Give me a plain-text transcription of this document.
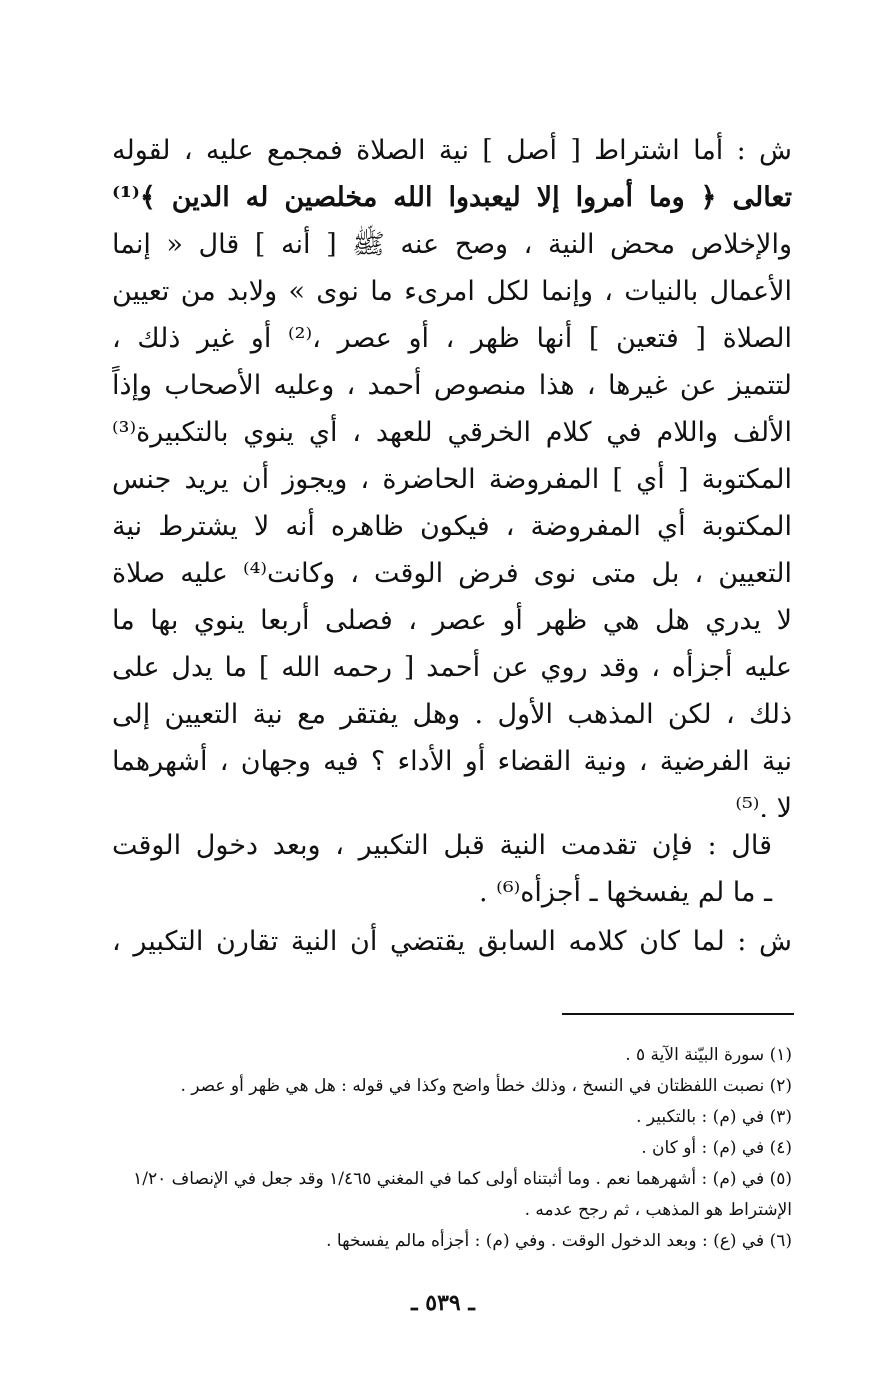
ش : أما اشتراط [ أصل ] نية الصلاة فمجمع عليه ، لقوله
تعالى ﴿ وما أمروا إلا ليعبدوا الله مخلصين له الدين ﴾⁽¹⁾
والإخلاص محض النية ، وصح عنه ﷺ [ أنه ] قال « إنما
الأعمال بالنيات ، وإنما لكل امرىء ما نوى » ولابد من تعيين
الصلاة [ فتعين ] أنها ظهر ، أو عصر ،⁽²⁾ أو غير ذلك ،
لتتميز عن غيرها ، هذا منصوص أحمد ، وعليه الأصحاب وإذاً
الألف واللام في كلام الخرقي للعهد ، أي ينوي بالتكبيرة⁽³⁾
المكتوبة [ أي ] المفروضة الحاضرة ، ويجوز أن يريد جنس
المكتوبة أي المفروضة ، فيكون ظاهره أنه لا يشترط نية
التعيين ، بل متى نوى فرض الوقت ، وكانت⁽⁴⁾ عليه صلاة
لا يدري هل هي ظهر أو عصر ، فصلى أربعا ينوي بها ما
عليه أجزأه ، وقد روي عن أحمد [ رحمه الله ] ما يدل على
ذلك ، لكن المذهب الأول . وهل يفتقر مع نية التعيين إلى
نية الفرضية ، ونية القضاء أو الأداء ؟ فيه وجهان ، أشهرهما
لا .⁽⁵⁾
قال : فإن تقدمت النية قبل التكبير ، وبعد دخول الوقت
ـ ما لم يفسخها ـ أجزأه⁽⁶⁾ .
ش : لما كان كلامه السابق يقتضي أن النية تقارن التكبير ،
(١) سورة البيّنة الآية ٥ .
(٢) نصبت اللفظتان في النسخ ، وذلك خطأ واضح وكذا في قوله : هل هي ظهر أو عصر .
(٣) في (م) : بالتكبير .
(٤) في (م) : أو كان .
(٥) في (م) : أشهرهما نعم . وما أثبتناه أولى كما في المغني ١/٤٦٥ وقد جعل في الإنصاف ١/٢٠
الإشتراط هو المذهب ، ثم رجح عدمه .
(٦) في (ع) : وبعد الدخول الوقت . وفي (م) : أجزأه مالم يفسخها .
ـ ٥٣٩ ـ
